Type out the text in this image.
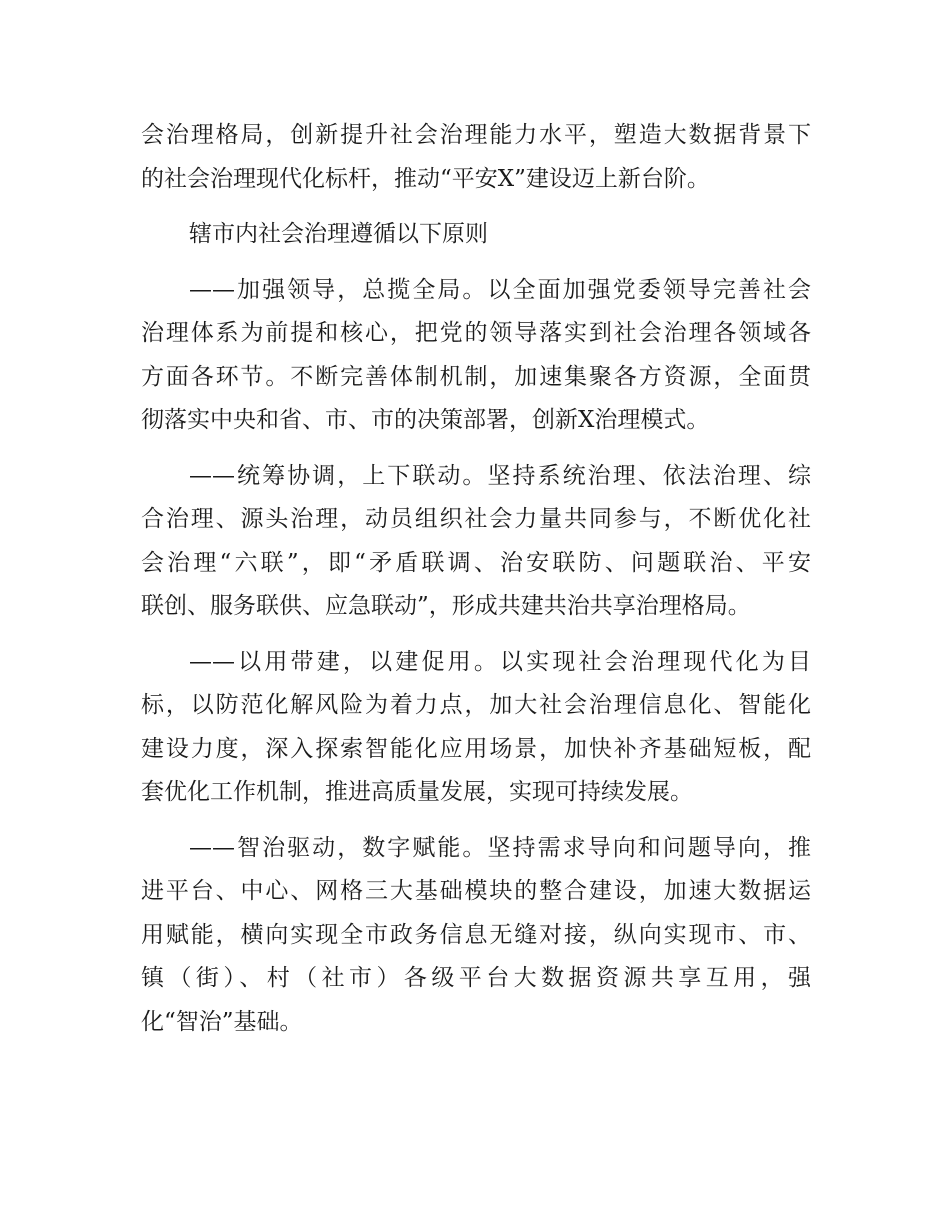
会治理格局，创新提升社会治理能力水平，塑造大数据背景下
的社会治理现代化标杆，推动“平安X”建设迈上新台阶。
辖市内社会治理遵循以下原则
——加强领导，总揽全局。以全面加强党委领导完善社会
治理体系为前提和核心，把党的领导落实到社会治理各领域各
方面各环节。不断完善体制机制，加速集聚各方资源，全面贯
彻落实中央和省、市、市的决策部署，创新X治理模式。
——统筹协调，上下联动。坚持系统治理、依法治理、综
合治理、源头治理，动员组织社会力量共同参与，不断优化社
会治理“六联”，即“矛盾联调、治安联防、问题联治、平安
联创、服务联供、应急联动”，形成共建共治共享治理格局。
——以用带建，以建促用。以实现社会治理现代化为目
标，以防范化解风险为着力点，加大社会治理信息化、智能化
建设力度，深入探索智能化应用场景，加快补齐基础短板，配
套优化工作机制，推进高质量发展，实现可持续发展。
——智治驱动，数字赋能。坚持需求导向和问题导向，推
进平台、中心、网格三大基础模块的整合建设，加速大数据运
用赋能，横向实现全市政务信息无缝对接，纵向实现市、市、
镇（街）、村（社市）各级平台大数据资源共享互用，强
化“智治”基础。
